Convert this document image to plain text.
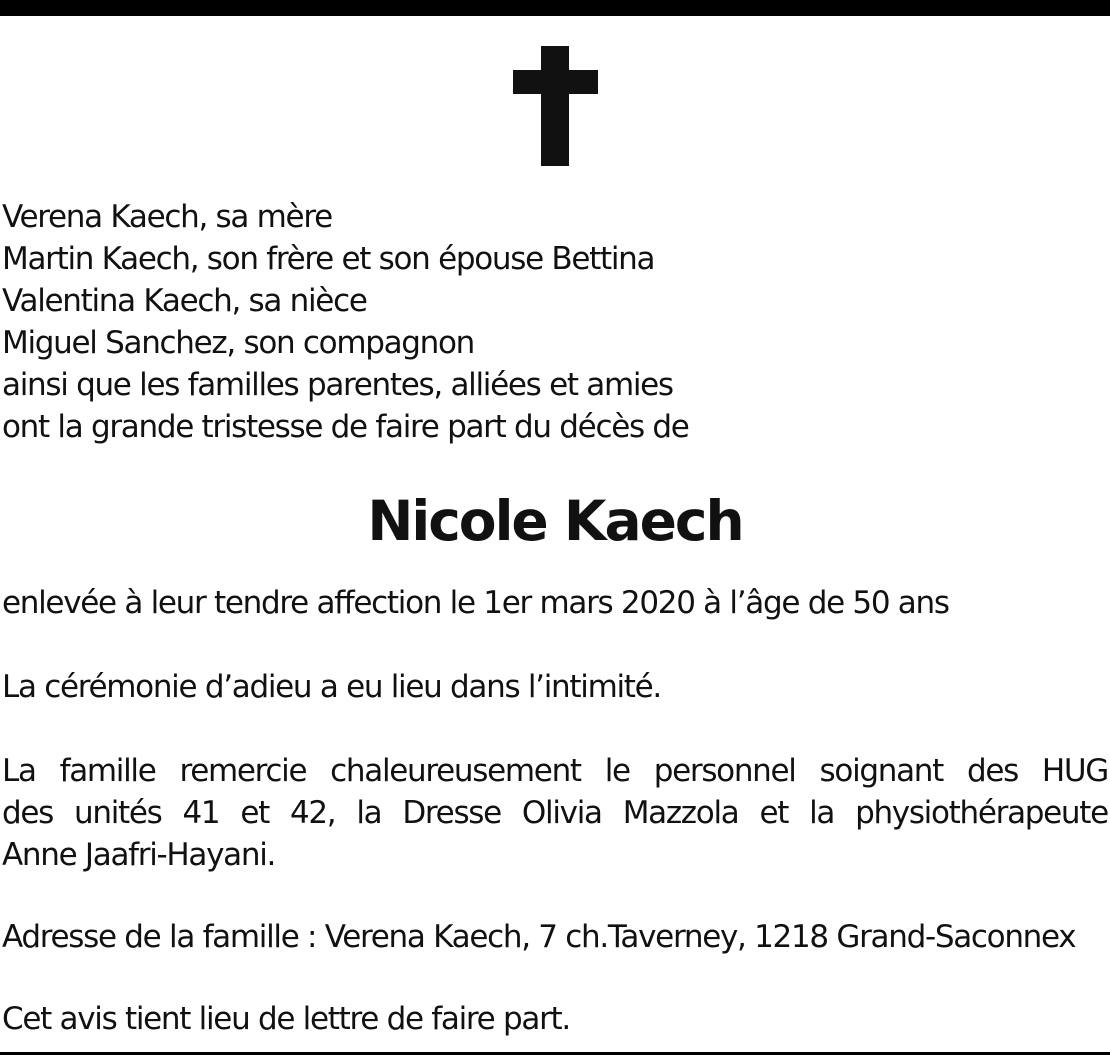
Verena Kaech, sa mère
Martin Kaech, son frère et son épouse Bettina
Valentina Kaech, sa nièce
Miguel Sanchez, son compagnon
ainsi que les familles parentes, alliées et amies
ont la grande tristesse de faire part du décès de
Nicole Kaech
enlevée à leur tendre affection le 1er mars 2020 à l’âge de 50 ans
La cérémonie d’adieu a eu lieu dans l’intimité.
La famille remercie chaleureusement le personnel soignant des HUG
des unités 41 et 42, la Dresse Olivia Mazzola et la physiothérapeute
Anne Jaafri-Hayani.
Adresse de la famille : Verena Kaech, 7 ch.Taverney, 1218 Grand-Saconnex
Cet avis tient lieu de lettre de faire part.
